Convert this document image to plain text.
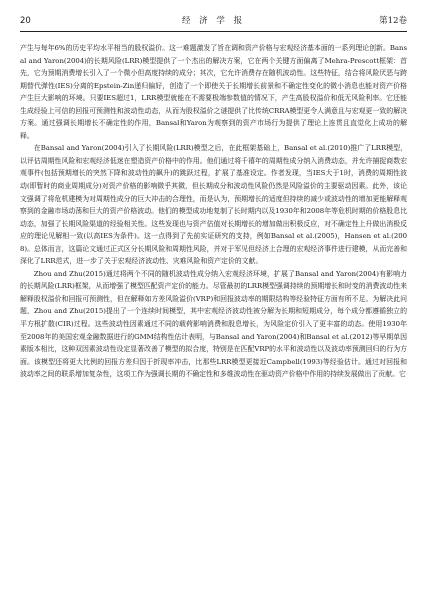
20	经 济 学 报	第12卷

产生与每年6%的历史平均水平相当的股权溢价。这一难题激发了旨在调和资产价格与宏观经济基本面的一系列理论创新。Bansal and Yaron(2004)的长期风险(LRR)模型提供了一个杰出的解决方案，它在两个关键方面偏离了Mehra-Prescott框架：首先，它为预期消费增长引入了一个微小但高度持续的成分；其次，它允许消费存在随机波动性。这些特征，结合将风险厌恶与跨期替代弹性(IES)分离的Epstein-Zin递归偏好，创造了一个即使关于长期增长前景和不确定性变化的微小消息也能对资产价格产生巨大影响的环境。只要IES超过1，LRR模型就能在不需要极端参数值的情况下，产生高股权溢价和低无风险利率。它还能生成经验上可信的回报可预测性和波动性动态，从而为股权溢价之谜提供了比传统CRRA模型更令人满意且与宏观更一致的解决方案。通过强调长期增长不确定性的作用，Bansal和Yaron为观察到的资产市场行为提供了理论上连贯且直觉化上成功的解释。

在Bansal and Yaron(2004)引入了长期风险(LRR)模型之后，在此框架基础上，Bansal et al.(2010)推广了LRR模型，以评估周期性风险和宏观经济低迷在塑造资产价格中的作用。他们通过将千禧年的周期性成分纳入消费动态，并允许捕捉商数宏观事件(包括预期增长的突然下降和波动性的飙升)的跳跃过程，扩展了基准设定。作者发现，当IES大于1时，消费的周期性波动(即暂时的商业周期成分)对资产价格的影响微乎其微，但长期成分和波动性风险仍然是风险溢价的主要驱动因素。此外，该论文强调了将危机建模为对周期性成分的巨大冲击的合理性，而是认为，预期增长的适度但持续的减少或波动性的增加更能解释观察到的金融市场动荡和巨大的资产价格波动。他们的模型成功地复制了长时期内以及1930年和2008年等危机时期的价格股息比动态，加强了长期风险渠道的经验相关性。这些发现也与资产估值对长期增长的增加做出积极反应，对不确定性上升做出消极反应的理论见解相一致(以高IES为条件)。这一点得到了先前实证研究的支持，例如Bansal et al.(2005)，Hansen et al.(2008)。总体而言，这篇论文通过正式区分长期风险和周期性风险，并对于军见但经济上合理的宏观经济事件进行建模，从而完善和深化了LRR范式，进一步了关于宏观经济波动性、灾难风险和资产定价的文献。

Zhou and Zhu(2015)通过将两个不同的随机波动性成分纳入宏观经济环境，扩展了Bansal and Yaron(2004)有影响力的长期风险(LRR)框架，从而增强了模型匹配资产定价的能力。尽管最初的LRR模型强调持续的预期增长和时变的消费波动性来解释股权溢价和回报可预测性，但在解释如方差风险溢价(VRP)和回报波动率的期限结构等经验特征方面有所不足。为解决此问题，Zhou and Zhu(2015)提出了一个连续时间模型，其中宏观经济波动性被分解为长期和短期成分，每个成分都遵循独立的平方根扩散(CIR)过程。这些波动性因素通过不同的载荷影响消费和股息增长，为风险定价引入了更丰富的动态。使用1930年至2008年的美国宏观金融数据进行的GMM结构性估计表明，与Bansal and Yaron(2004)和Bansal et al.(2012)等早期单因素版本相比，这种双因素波动性设定显著改善了模型的拟合度，特别是在匹配VRP的水平和波动性以及波动率预测回归的行为方面。该模型还将更大比例的回报方差归因于折现率冲击，比那些LRR模型更接近Campbell(1993)等经验估计。通过对回报和波动率之间的联系增加复杂性，这项工作为强调长期的不确定性和多维波动性在驱动资产价格中作用的持续发展做出了贡献。它
